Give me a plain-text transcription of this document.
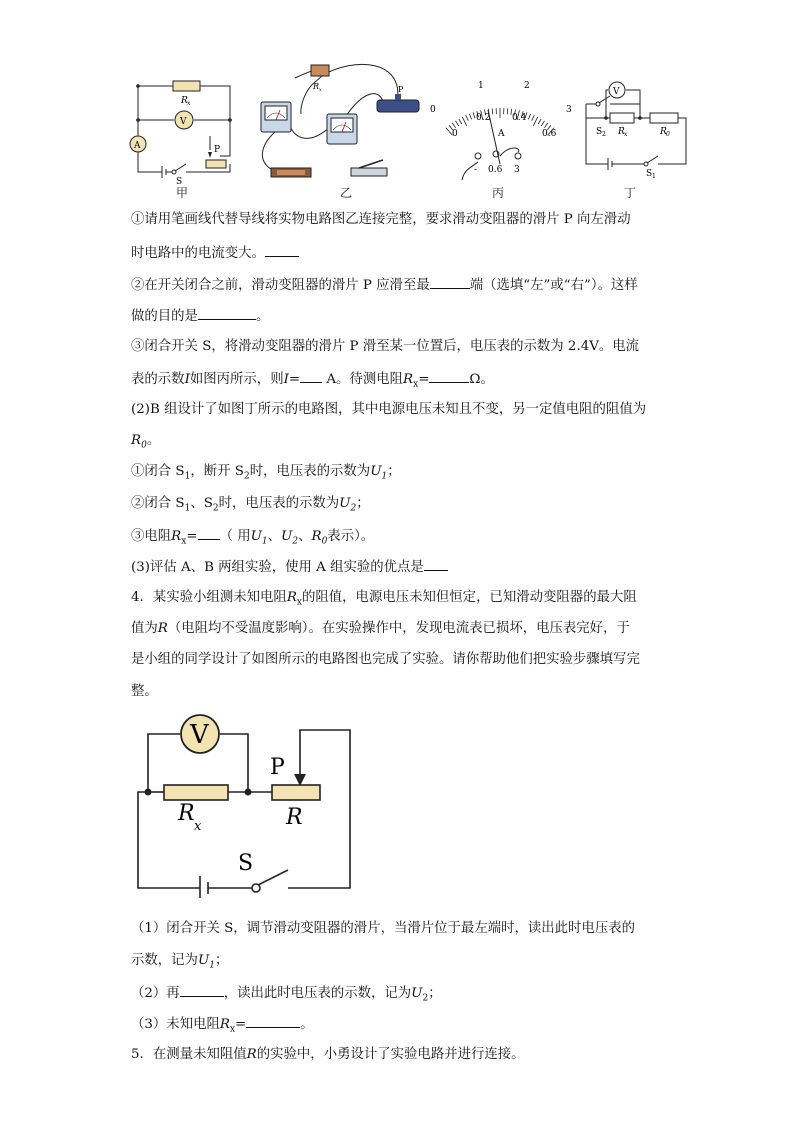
R x
V
A	P
S
甲
R x	P
乙
0
1	2
3
0
0.2 0.4
0.6
A
- 0.6 3
丙
V
S 2 R x	R 0
S 1
丁
①请用笔画线代替导线将实物电路图乙连接完整，要求滑动变阻器的滑片 P 向左滑动
时电路中的电流变大。
②在开关闭合之前，滑动变阻器的滑片 P 应滑至最	端（选填“左”或“右”）。这样
做的目的是	。
③闭合开关 S，将滑动变阻器的滑片 P 滑至某一位置后，电压表的示数为 2.4V。电流
表的示数I如图丙所示，则I= A。待测电阻$R_x=$	Ω。
(2)B 组设计了如图丁所示的电路图，其中电源电压未知且不变，另一定值电阻的阻值为
$R_0$。
①闭合 $S_1$，断开 $S_2$时，电压表的示数为$U_1$；
②闭合 $S_1$、$S_2$时，电压表的示数为$U_2$；
③电阻$R_x=$ （ 用$U_1$、$U_2$、$R_0$表示）。
(3)评估 A、B 两组实验，使用 A 组实验的优点是
4．某实验小组测未知电阻$R_x$的阻值，电源电压未知但恒定，已知滑动变阻器的最大阻
值为R（电阻均不受温度影响）。在实验操作中，发现电流表已损坏，电压表完好，于
是小组的同学设计了如图所示的电路图也完成了实验。请你帮助他们把实验步骤填写完
整。
V
P
R
x	R
S
（1）闭合开关 S，调节滑动变阻器的滑片，当滑片位于最左端时，读出此时电压表的
示数，记为$U_1$；
（2）再	，读出此时电压表的示数，记为$U_2$；
（3）未知电阻$R_x=$	。
5．在测量未知阻值R的实验中，小勇设计了实验电路并进行连接。
